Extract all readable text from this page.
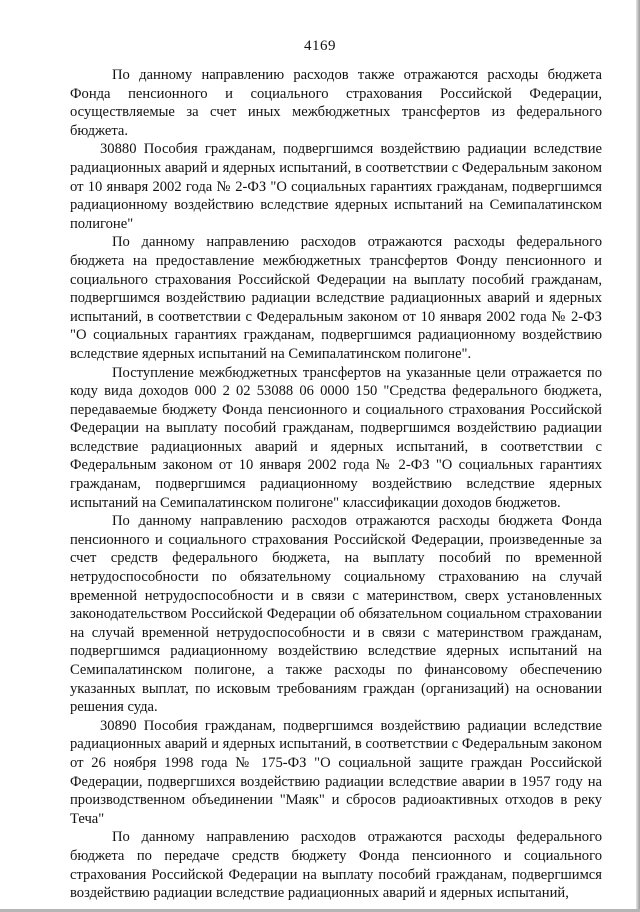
4169

По данному направлению расходов также отражаются расходы бюджета Фонда пенсионного и социального страхования Российской Федерации, осуществляемые за счет иных межбюджетных трансфертов из федерального бюджета.

30880 Пособия гражданам, подвергшимся воздействию радиации вследствие радиационных аварий и ядерных испытаний, в соответствии с Федеральным законом от 10 января 2002 года № 2-ФЗ "О социальных гарантиях гражданам, подвергшимся радиационному воздействию вследствие ядерных испытаний на Семипалатинском полигоне"

По данному направлению расходов отражаются расходы федерального бюджета на предоставление межбюджетных трансфертов Фонду пенсионного и социального страхования Российской Федерации на выплату пособий гражданам, подвергшимся воздействию радиации вследствие радиационных аварий и ядерных испытаний, в соответствии с Федеральным законом от 10 января 2002 года № 2-ФЗ "О социальных гарантиях гражданам, подвергшимся радиационному воздействию вследствие ядерных испытаний на Семипалатинском полигоне".

Поступление межбюджетных трансфертов на указанные цели отражается по коду вида доходов 000 2 02 53088 06 0000 150 "Средства федерального бюджета, передаваемые бюджету Фонда пенсионного и социального страхования Российской Федерации на выплату пособий гражданам, подвергшимся воздействию радиации вследствие радиационных аварий и ядерных испытаний, в соответствии с Федеральным законом от 10 января 2002 года № 2-ФЗ "О социальных гарантиях гражданам, подвергшимся радиационному воздействию вследствие ядерных испытаний на Семипалатинском полигоне" классификации доходов бюджетов.

По данному направлению расходов отражаются расходы бюджета Фонда пенсионного и социального страхования Российской Федерации, произведенные за счет средств федерального бюджета, на выплату пособий по временной нетрудоспособности по обязательному социальному страхованию на случай временной нетрудоспособности и в связи с материнством, сверх установленных законодательством Российской Федерации об обязательном социальном страховании на случай временной нетрудоспособности и в связи с материнством гражданам, подвергшимся радиационному воздействию вследствие ядерных испытаний на Семипалатинском полигоне, а также расходы по финансовому обеспечению указанных выплат, по исковым требованиям граждан (организаций) на основании решения суда.

30890 Пособия гражданам, подвергшимся воздействию радиации вследствие радиационных аварий и ядерных испытаний, в соответствии с Федеральным законом от 26 ноября 1998 года № 175-ФЗ "О социальной защите граждан Российской Федерации, подвергшихся воздействию радиации вследствие аварии в 1957 году на производственном объединении "Маяк" и сбросов радиоактивных отходов в реку Теча"

По данному направлению расходов отражаются расходы федерального бюджета по передаче средств бюджету Фонда пенсионного и социального страхования Российской Федерации на выплату пособий гражданам, подвергшимся воздействию радиации вследствие радиационных аварий и ядерных испытаний,
